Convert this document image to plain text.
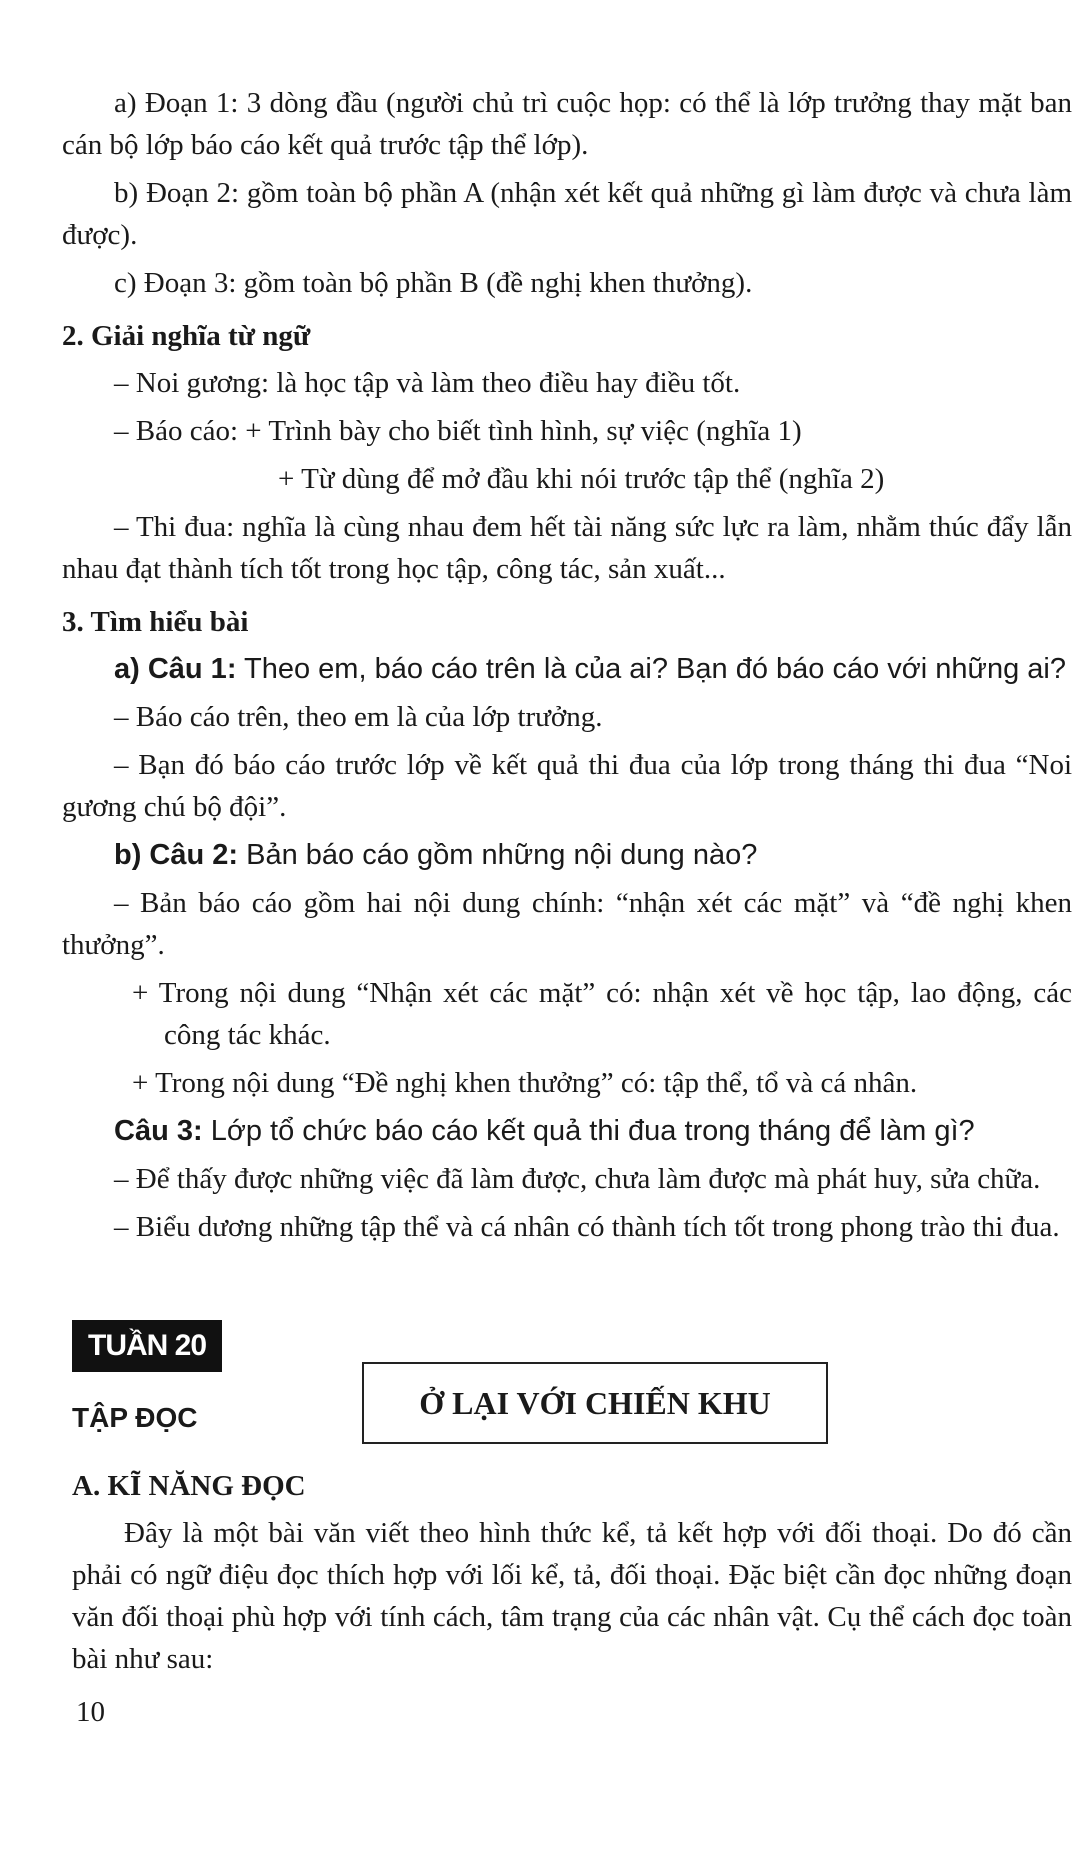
a) Đoạn 1: 3 dòng đầu (người chủ trì cuộc họp: có thể là lớp trưởng thay mặt ban cán bộ lớp báo cáo kết quả trước tập thể lớp).

b) Đoạn 2: gồm toàn bộ phần A (nhận xét kết quả những gì làm được và chưa làm được).

c) Đoạn 3: gồm toàn bộ phần B (đề nghị khen thưởng).

2. Giải nghĩa từ ngữ

– Noi gương: là học tập và làm theo điều hay điều tốt.

– Báo cáo: + Trình bày cho biết tình hình, sự việc (nghĩa 1)

+ Từ dùng để mở đầu khi nói trước tập thể (nghĩa 2)

– Thi đua: nghĩa là cùng nhau đem hết tài năng sức lực ra làm, nhằm thúc đẩy lẫn nhau đạt thành tích tốt trong học tập, công tác, sản xuất...

3. Tìm hiểu bài

a) Câu 1: Theo em, báo cáo trên là của ai? Bạn đó báo cáo với những ai?

– Báo cáo trên, theo em là của lớp trưởng.

– Bạn đó báo cáo trước lớp về kết quả thi đua của lớp trong tháng thi đua “Noi gương chú bộ đội”.

b) Câu 2: Bản báo cáo gồm những nội dung nào?

– Bản báo cáo gồm hai nội dung chính: “nhận xét các mặt” và “đề nghị khen thưởng”.

+ Trong nội dung “Nhận xét các mặt” có: nhận xét về học tập, lao động, các công tác khác.

+ Trong nội dung “Đề nghị khen thưởng” có: tập thể, tổ và cá nhân.

Câu 3: Lớp tổ chức báo cáo kết quả thi đua trong tháng để làm gì?

– Để thấy được những việc đã làm được, chưa làm được mà phát huy, sửa chữa.

– Biểu dương những tập thể và cá nhân có thành tích tốt trong phong trào thi đua.

TUẦN 20
TẬP ĐỌC	Ở LẠI VỚI CHIẾN KHU
A. KĨ NĂNG ĐỌC

Đây là một bài văn viết theo hình thức kể, tả kết hợp với đối thoại. Do đó cần phải có ngữ điệu đọc thích hợp với lối kể, tả, đối thoại. Đặc biệt cần đọc những đoạn văn đối thoại phù hợp với tính cách, tâm trạng của các nhân vật. Cụ thể cách đọc toàn bài như sau:

10
